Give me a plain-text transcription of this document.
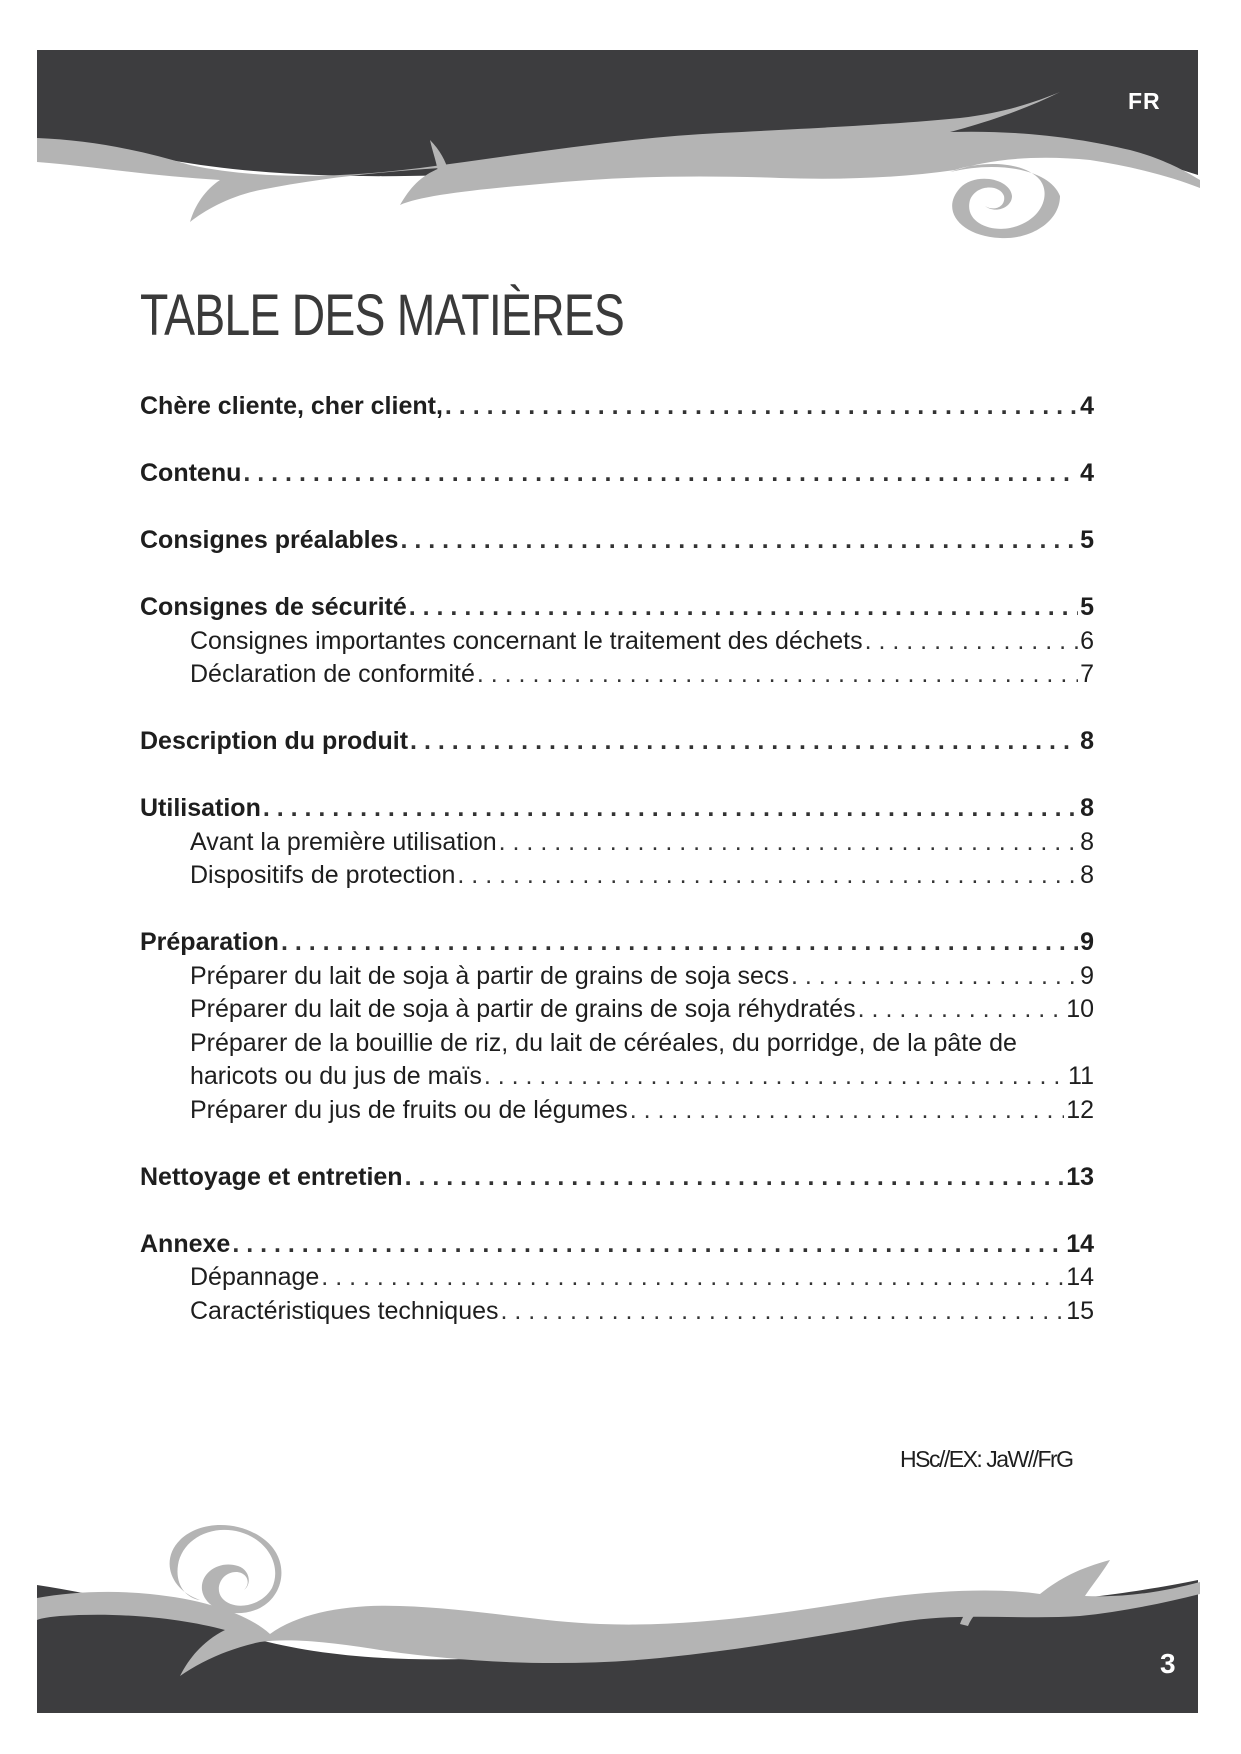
FR
TABLE DES MATIÈRES
Chère cliente, cher client, . . .	4
Contenu . . .	4
Consignes préalables . . .	5
Consignes de sécurité . . .	5
Consignes importantes concernant le traitement des déchets . . .	6
Déclaration de conformité . . .	7
Description du produit . . .	8
Utilisation . . .	8
Avant la première utilisation . . .	8
Dispositifs de protection . . .	8
Préparation . . .	9
Préparer du lait de soja à partir de grains de soja secs . . .	9
Préparer du lait de soja à partir de grains de soja réhydratés . . .	10
Préparer de la bouillie de riz, du lait de céréales, du porridge, de la pâte de
haricots ou du jus de maïs . . .	11
Préparer du jus de fruits ou de légumes . . .	12
Nettoyage et entretien . . .	13
Annexe . . .	14
Dépannage . . .	14
Caractéristiques techniques . . .	15
HSc//EX: JaW//FrG
3
